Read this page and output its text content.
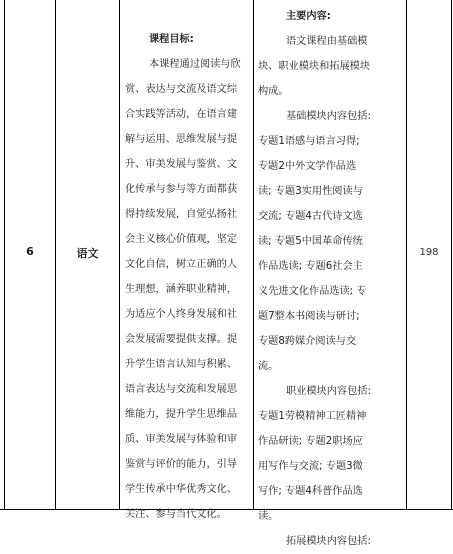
6	语文

课程目标:

本课程通过阅读与欣

赏、表达与交流及语文综

合实践等活动，在语言建

解与运用、思维发展与提

升、审美发展与鉴赏、文

化传承与参与等方面都获

得持续发展，自觉弘扬社

会主义核心价值观，坚定

文化自信，树立正确的人

生理想，涵养职业精神，

为适应个人终身发展和社

会发展需要提供支撑。提

升学生语言认知与积累、

语言表达与交流和发展思

维能力，提升学生思维品

质、审美发展与体验和审

鉴赏与评价的能力，引导

学生传承中华优秀文化、

关注、参与当代文化。

主要内容:

语文课程由基础模

块、职业模块和拓展模块

构成。

基础模块内容包括:

专题1语感与语言习得;

专题2中外文学作品选

读; 专题3实用性阅读与

交流; 专题4古代诗文选

读; 专题5中国革命传统

作品选读; 专题6社会主

义先进文化作品选读; 专

题7整本书阅读与研讨;

专题8跨媒介阅读与交

流。

职业模块内容包括:

专题1劳模精神工匠精神

作品研读; 专题2职场应

用写作与交流; 专题3微

写作; 专题4科普作品选

读。

拓展模块内容包括:

198
